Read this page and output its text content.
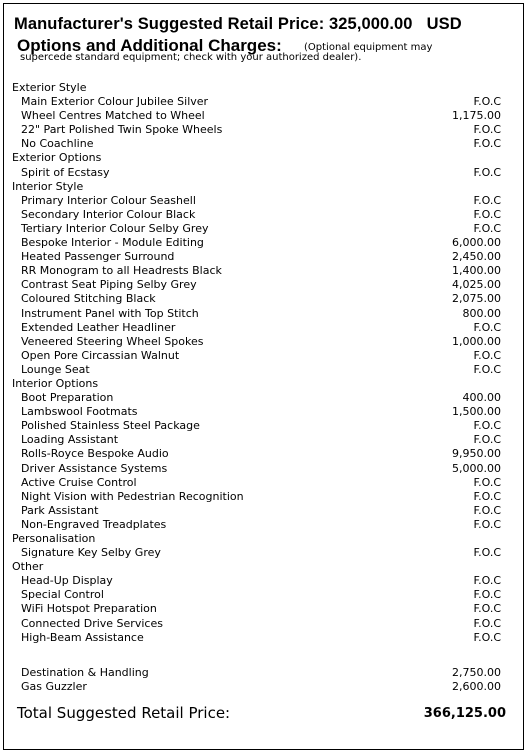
Manufacturer's Suggested Retail Price: 325,000.00 USD
Options and Additional Charges: (Optional equipment may
supercede standard equipment; check with your authorized dealer).
Exterior Style
Main Exterior Colour Jubilee Silver	F.O.C
Wheel Centres Matched to Wheel	1,175.00
22" Part Polished Twin Spoke Wheels	F.O.C
No Coachline	F.O.C
Exterior Options
Spirit of Ecstasy	F.O.C
Interior Style
Primary Interior Colour Seashell	F.O.C
Secondary Interior Colour Black	F.O.C
Tertiary Interior Colour Selby Grey	F.O.C
Bespoke Interior - Module Editing	6,000.00
Heated Passenger Surround	2,450.00
RR Monogram to all Headrests Black	1,400.00
Contrast Seat Piping Selby Grey	4,025.00
Coloured Stitching Black	2,075.00
Instrument Panel with Top Stitch	800.00
Extended Leather Headliner	F.O.C
Veneered Steering Wheel Spokes	1,000.00
Open Pore Circassian Walnut	F.O.C
Lounge Seat	F.O.C
Interior Options
Boot Preparation	400.00
Lambswool Footmats	1,500.00
Polished Stainless Steel Package	F.O.C
Loading Assistant	F.O.C
Rolls-Royce Bespoke Audio	9,950.00
Driver Assistance Systems	5,000.00
Active Cruise Control	F.O.C
Night Vision with Pedestrian Recognition	F.O.C
Park Assistant	F.O.C
Non-Engraved Treadplates	F.O.C
Personalisation
Signature Key Selby Grey	F.O.C
Other
Head-Up Display	F.O.C
Special Control	F.O.C
WiFi Hotspot Preparation	F.O.C
Connected Drive Services	F.O.C
High-Beam Assistance	F.O.C
Destination & Handling	2,750.00
Gas Guzzler	2,600.00
Total Suggested Retail Price:	366,125.00
